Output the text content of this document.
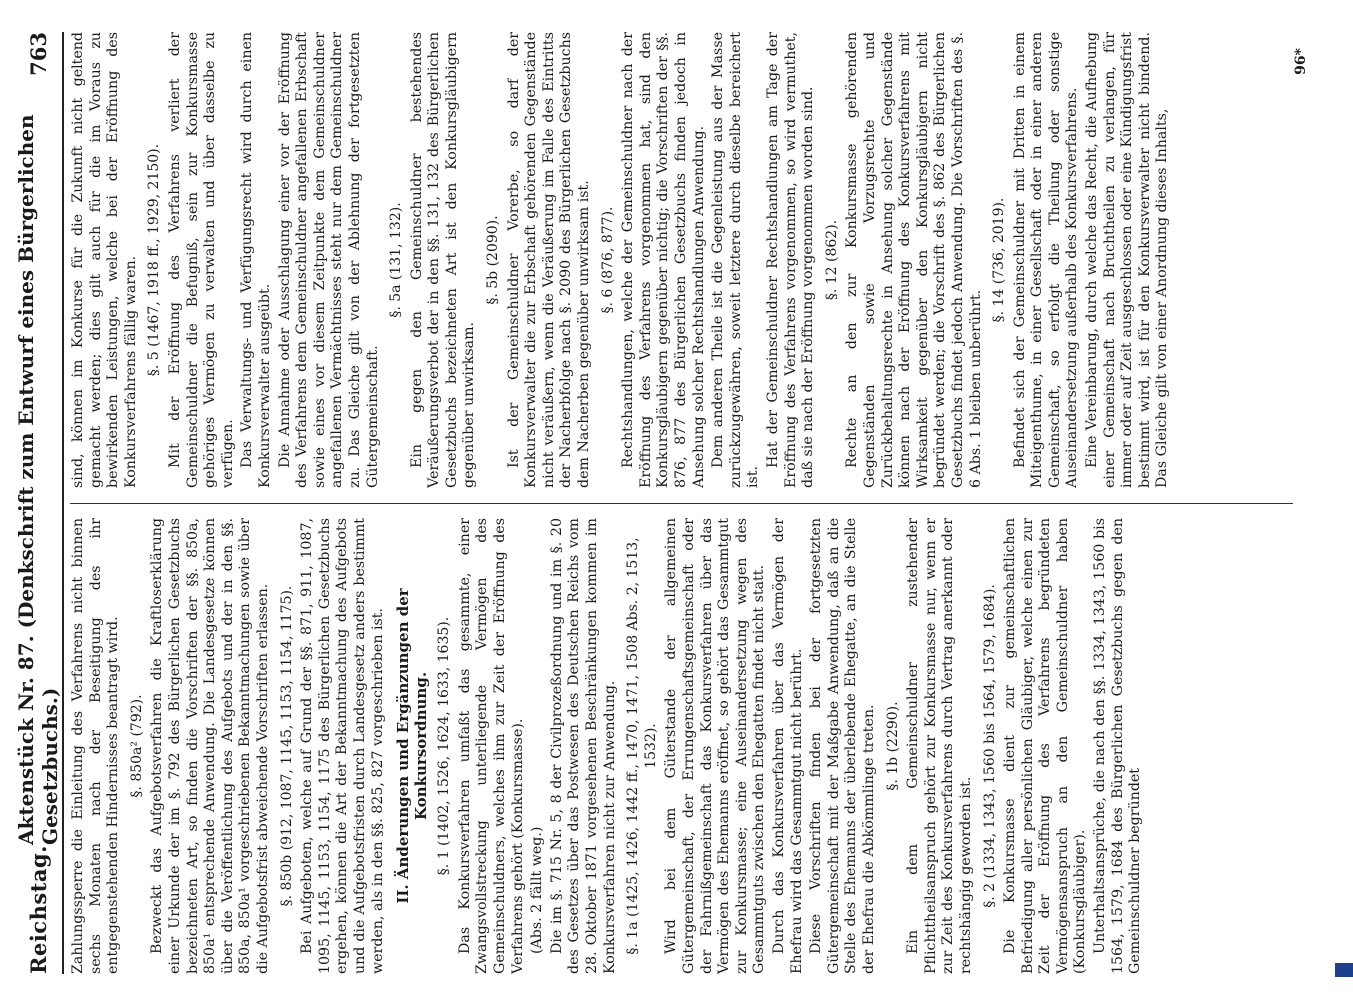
Reichstag.
Aktenstück Nr. 87. (Denkschrift zum Entwurf eines Bürgerlichen Gesetzbuchs.)
763

Zahlungssperre die Einleitung des Verfahrens nicht binnen sechs Monaten nach der Beseitigung des ihr entgegenstehenden Hindernisses beantragt wird. §. 850a² (792). Bezweckt das Aufgebotsverfahren die Kraftloserklärung einer Urkunde der im §. 792 des Bürgerlichen Gesetzbuchs bezeichneten Art, so finden die Vorschriften der §§. 850a, 850a¹ entsprechende Anwendung. Die Landesgesetze können über die Veröffentlichung des Aufgebots und der in den §§. 850a, 850a¹ vorgeschriebenen Bekanntmachungen sowie über die Aufgebotsfrist abweichende Vorschriften erlassen. §. 850b (912, 1087, 1145, 1153, 1154, 1175). Bei Aufgeboten, welche auf Grund der §§. 871, 911, 1087, 1095, 1145, 1153, 1154, 1175 des Bürgerlichen Gesetzbuchs ergehen, können die Art der Bekanntmachung des Aufgebots und die Aufgebotsfristen durch Landesgesetz anders bestimmt werden, als in den §§. 825, 827 vorgeschrieben ist. II. Änderungen und Ergänzungen der Konkursordnung. §. 1 (1402, 1526, 1624, 1633, 1635). Das Konkursverfahren umfaßt das gesammte, einer Zwangsvollstreckung unterliegende Vermögen des Gemeinschuldners, welches ihm zur Zeit der Eröffnung des Verfahrens gehört (Konkursmasse). (Abs. 2 fällt weg.) Die im §. 715 Nr. 5, 8 der Civilprozeßordnung und im §. 20 des Gesetzes über das Postwesen des Deutschen Reichs vom 28. Oktober 1871 vorgesehenen Beschränkungen kommen im Konkursverfahren nicht zur Anwendung. §. 1a (1425, 1426, 1442 ff., 1470, 1471, 1508 Abs. 2, 1513, 1532). Wird bei dem Güterstande der allgemeinen Gütergemeinschaft, der Errungenschaftsgemeinschaft oder der Fahrnißgemeinschaft das Konkursverfahren über das Vermögen des Ehemanns eröffnet, so gehört das Gesammtgut zur Konkursmasse; eine Auseinandersetzung wegen des Gesammtguts zwischen den Ehegatten findet nicht statt. Durch das Konkursverfahren über das Vermögen der Ehefrau wird das Gesammtgut nicht berührt. Diese Vorschriften finden bei der fortgesetzten Gütergemeinschaft mit der Maßgabe Anwendung, daß an die Stelle des Ehemanns der überlebende Ehegatte, an die Stelle der Ehefrau die Abkömmlinge treten. §. 1b (2290). Ein dem Gemeinschuldner zustehender Pflichttheilsanspruch gehört zur Konkursmasse nur, wenn er zur Zeit des Konkursverfahrens durch Vertrag anerkannt oder rechtshängig geworden ist. §. 2 (1334, 1343, 1560 bis 1564, 1579, 1684). Die Konkursmasse dient zur gemeinschaftlichen Befriedigung aller persönlichen Gläubiger, welche einen zur Zeit der Eröffnung des Verfahrens begründeten Vermögensanspruch an den Gemeinschuldner haben (Konkursgläubiger). Unterhaltsansprüche, die nach den §§. 1334, 1343, 1560 bis 1564, 1579, 1684 des Bürgerlichen Gesetzbuchs gegen den Gemeinschuldner begründet

sind, können im Konkurse für die Zukunft nicht geltend gemacht werden; dies gilt auch für die im Voraus zu bewirkenden Leistungen, welche bei der Eröffnung des Konkursverfahrens fällig waren. §. 5 (1467, 1918 ff., 1929, 2150). Mit der Eröffnung des Verfahrens verliert der Gemeinschuldner die Befugniß, sein zur Konkursmasse gehöriges Vermögen zu verwalten und über dasselbe zu verfügen. Das Verwaltungs- und Verfügungsrecht wird durch einen Konkursverwalter ausgeübt. Die Annahme oder Ausschlagung einer vor der Eröffnung des Verfahrens dem Gemeinschuldner angefallenen Erbschaft sowie eines vor diesem Zeitpunkte dem Gemeinschuldner angefallenen Vermächtnisses steht nur dem Gemeinschuldner zu. Das Gleiche gilt von der Ablehnung der fortgesetzten Gütergemeinschaft.

§. 5a (131, 132). Ein gegen den Gemeinschuldner bestehendes Veräußerungsverbot der in den §§. 131, 132 des Bürgerlichen Gesetzbuchs bezeichneten Art ist den Konkursgläubigern gegenüber unwirksam.

§. 5b (2090). Ist der Gemeinschuldner Vorerbe, so darf der Konkursverwalter die zur Erbschaft gehörenden Gegenstände nicht veräußern, wenn die Veräußerung im Falle des Eintritts der Nacherbfolge nach §. 2090 des Bürgerlichen Gesetzbuchs dem Nacherben gegenüber unwirksam ist. §. 6 (876, 877). Rechtshandlungen, welche der Gemeinschuldner nach der Eröffnung des Verfahrens vorgenommen hat, sind den Konkursgläubigern gegenüber nichtig; die Vorschriften der §§. 876, 877 des Bürgerlichen Gesetzbuchs finden jedoch in Ansehung solcher Rechtshandlungen Anwendung. Dem anderen Theile ist die Gegenleistung aus der Masse zurückzugewähren, soweit letztere durch dieselbe bereichert ist.

Hat der Gemeinschuldner Rechtshandlungen am Tage der Eröffnung des Verfahrens vorgenommen, so wird vermuthet, daß sie nach der Eröffnung vorgenommen worden sind. §. 12 (862). Rechte an den zur Konkursmasse gehörenden Gegenständen sowie Vorzugsrechte und Zurückbehaltungsrechte in Ansehung solcher Gegenstände können nach der Eröffnung des Konkursverfahrens mit Wirksamkeit gegenüber den Konkursgläubigern nicht begründet werden; die Vorschrift des §. 862 des Bürgerlichen Gesetzbuchs findet jedoch Anwendung. Die Vorschriften des §. 6 Abs. 1 bleiben unberührt.

§. 14 (736, 2019). Befindet sich der Gemeinschuldner mit Dritten in einem Miteigenthume, in einer Gesellschaft oder in einer anderen Gemeinschaft, so erfolgt die Theilung oder sonstige Auseinandersetzung außerhalb des Konkursverfahrens. Eine Vereinbarung, durch welche das Recht, die Aufhebung einer Gemeinschaft nach Bruchtheilen zu verlangen, für immer oder auf Zeit ausgeschlossen oder eine Kündigungsfrist bestimmt wird, ist für den Konkursverwalter nicht bindend. Das Gleiche gilt von einer Anordnung dieses Inhalts,

96*
